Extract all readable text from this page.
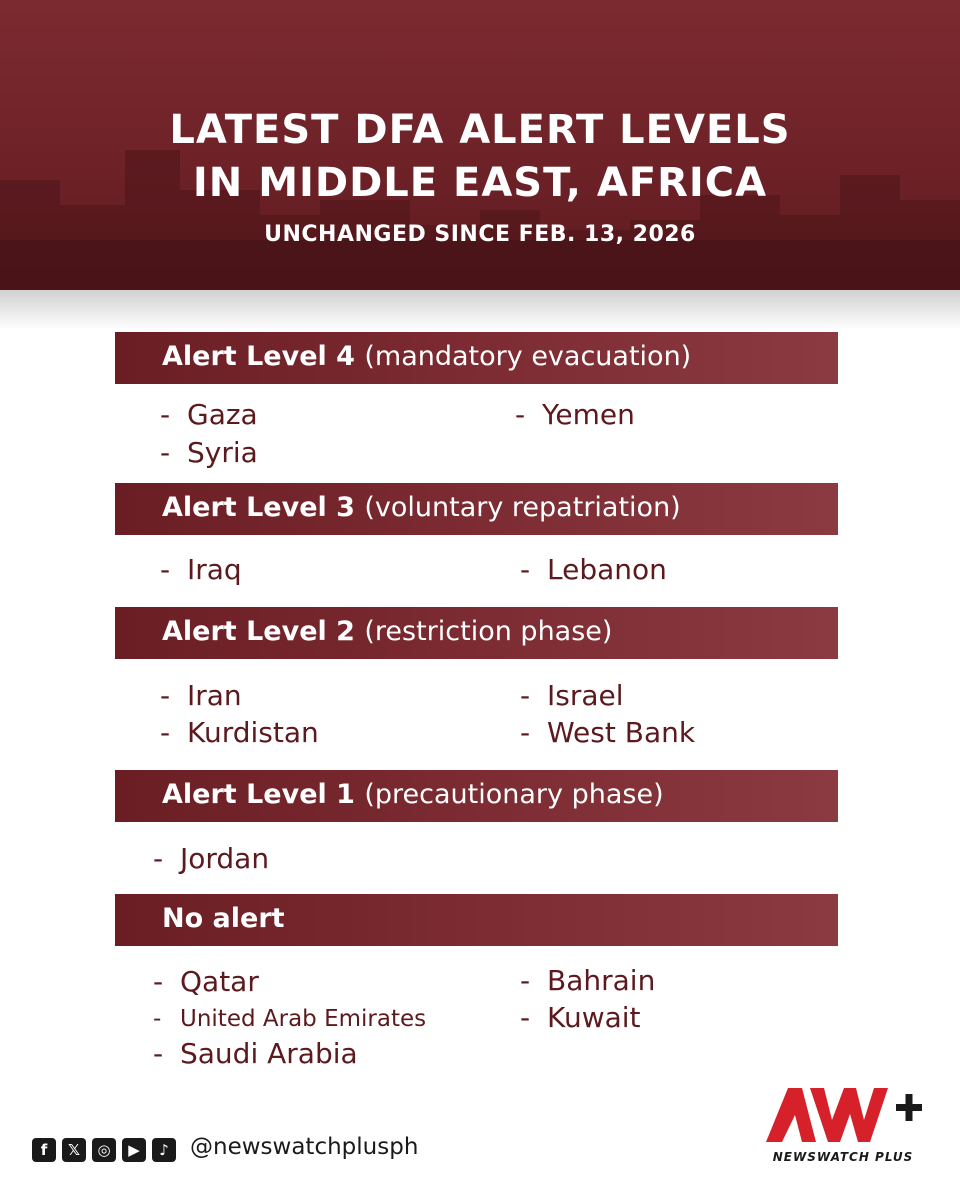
LATEST DFA ALERT LEVELS
IN MIDDLE EAST, AFRICA
UNCHANGED SINCE FEB. 13, 2026
Alert Level 4 (mandatory evacuation)
- Gaza
- Syria
- Yemen
Alert Level 3 (voluntary repatriation)
- Iraq	- Lebanon
Alert Level 2 (restriction phase)
- Iran
- Kurdistan
- Israel
- West Bank
Alert Level 1 (precautionary phase)
- Jordan
No alert
- Qatar
- United Arab Emirates
- Saudi Arabia
- Bahrain
- Kuwait
f	𝕏	◎	▶	♪ @newswatchplusph	NEWSWATCH PLUS
